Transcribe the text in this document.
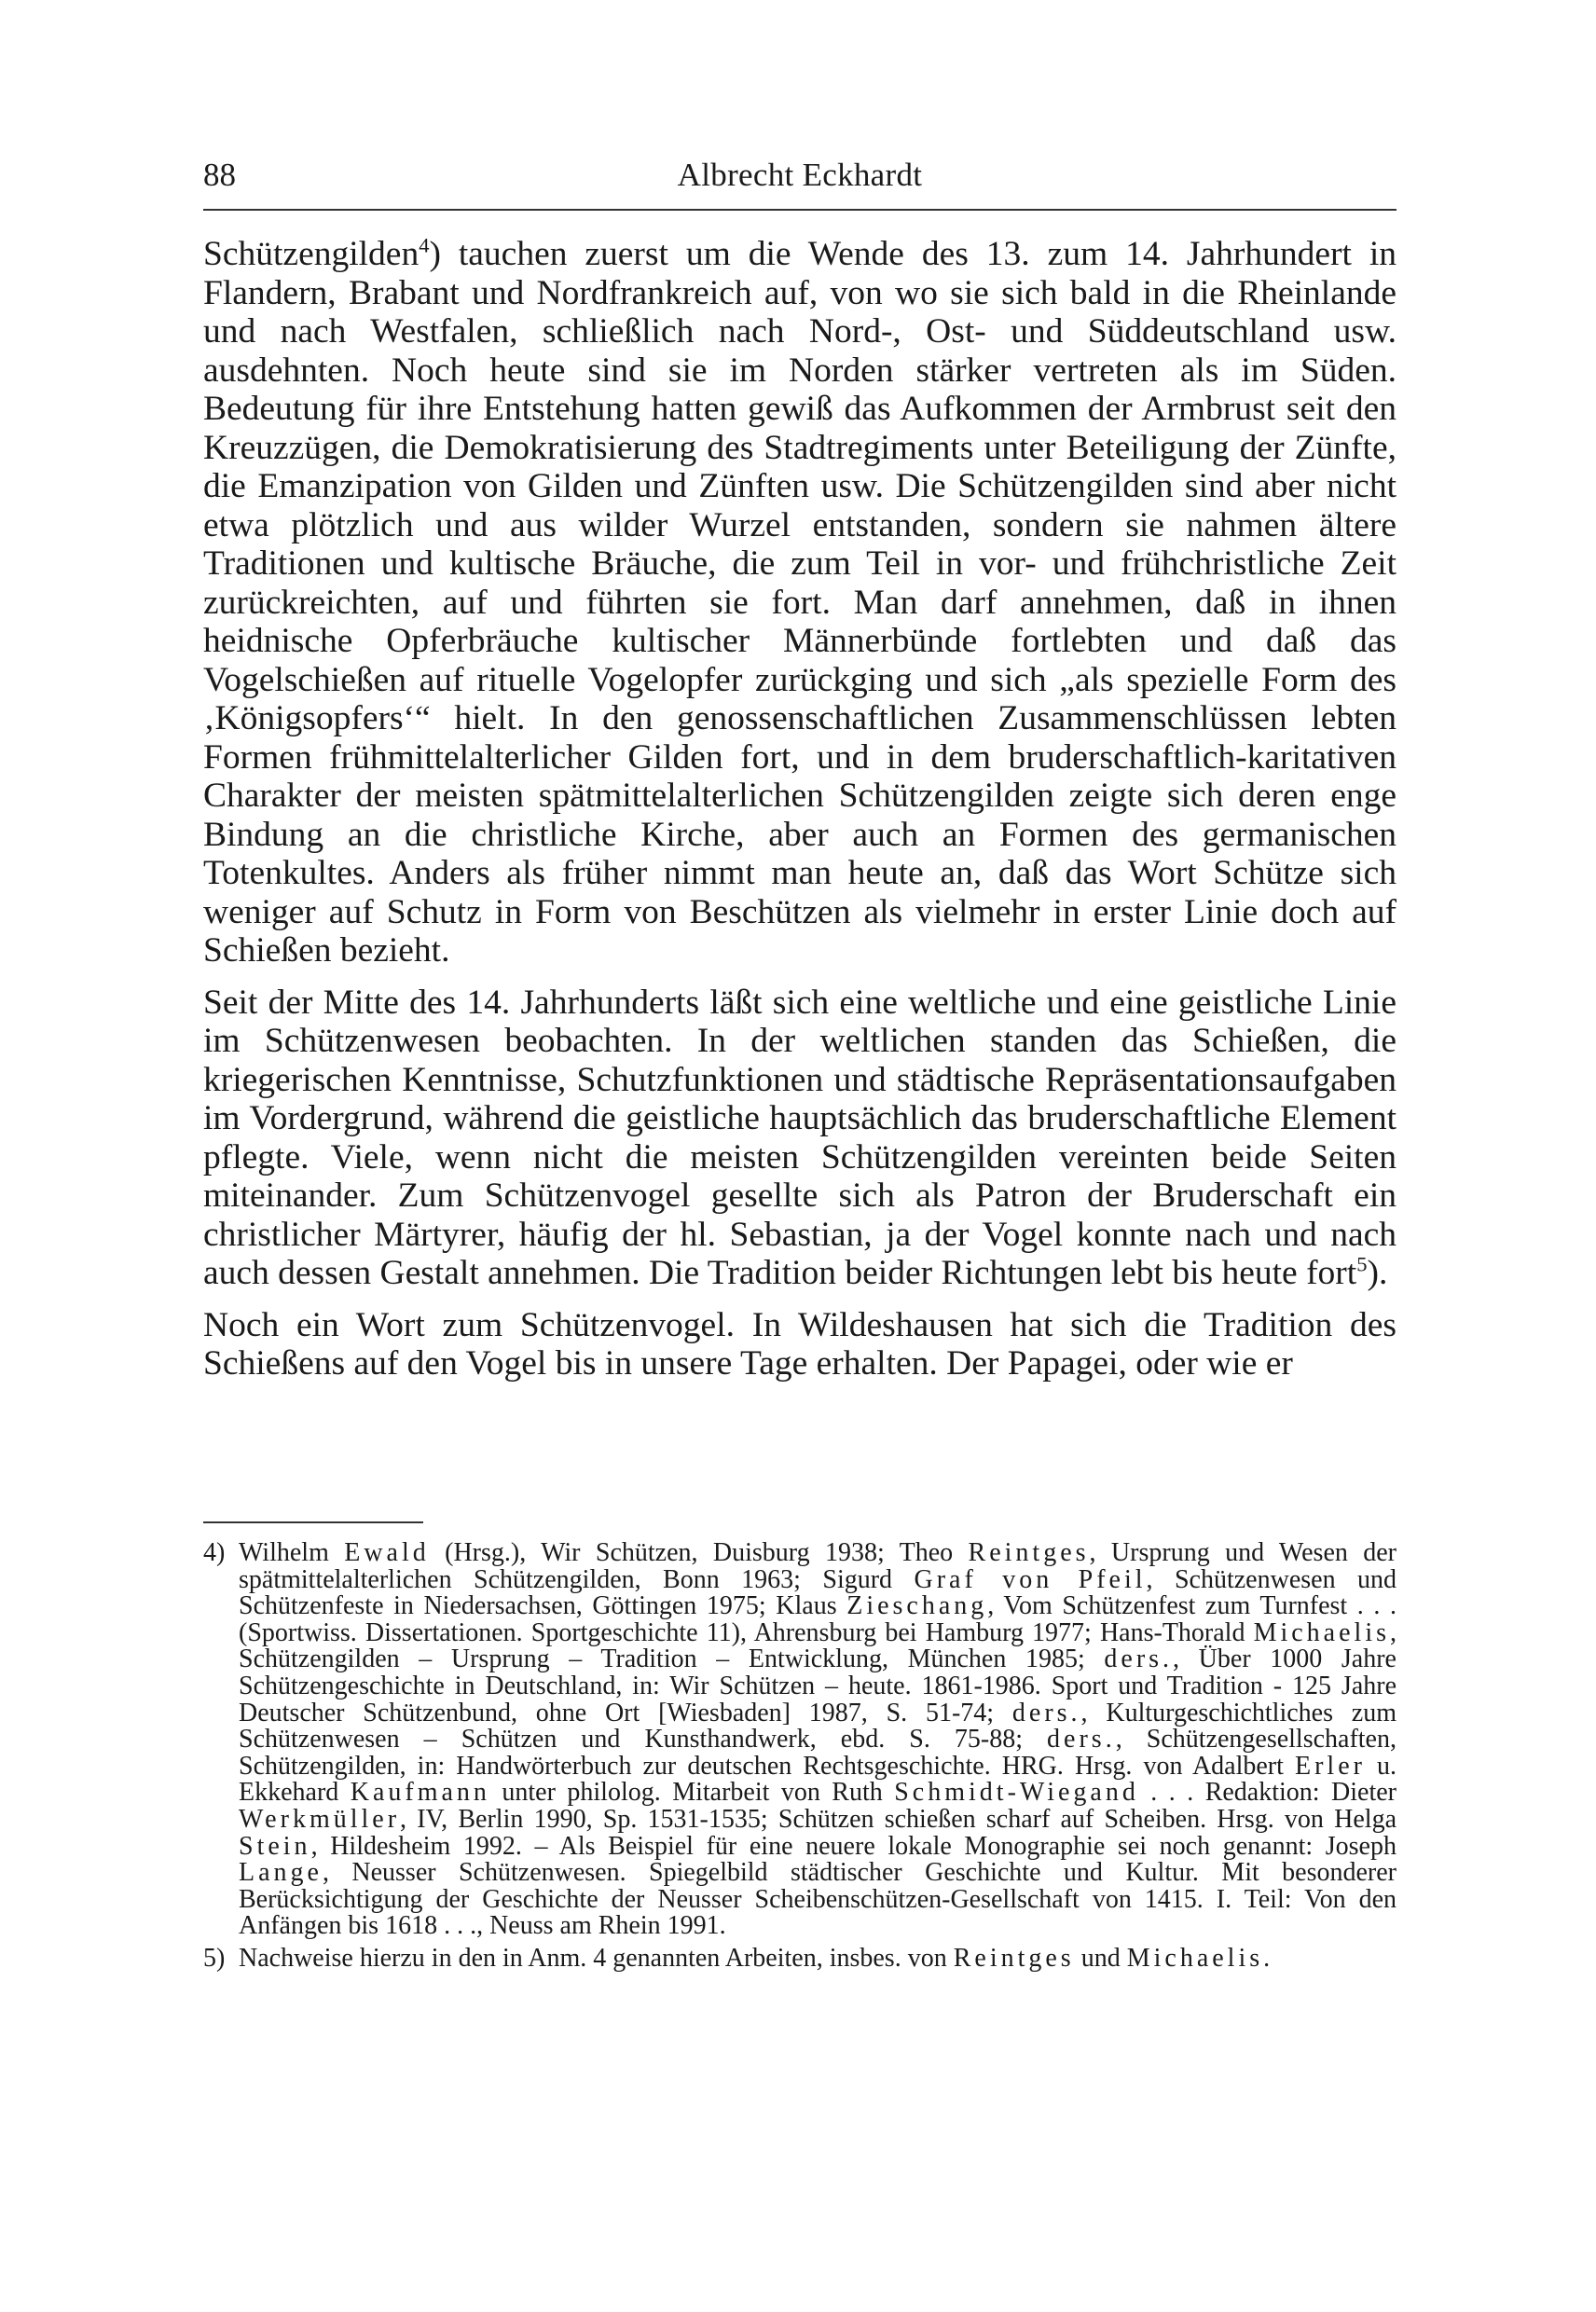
88	Albrecht Eckhardt

Schützengilden$^4$) tauchen zuerst um die Wende des 13. zum 14. Jahrhundert in Flandern, Brabant und Nordfrankreich auf, von wo sie sich bald in die Rheinlande und nach Westfalen, schließlich nach Nord-, Ost- und Süddeutschland usw. ausdehnten. Noch heute sind sie im Norden stärker vertreten als im Süden. Bedeutung für ihre Entstehung hatten gewiß das Aufkommen der Armbrust seit den Kreuzzügen, die Demokratisierung des Stadtregiments unter Beteiligung der Zünfte, die Emanzipation von Gilden und Zünften usw. Die Schützengilden sind aber nicht etwa plötzlich und aus wilder Wurzel entstanden, sondern sie nahmen ältere Traditionen und kultische Bräuche, die zum Teil in vor- und frühchristliche Zeit zurückreichten, auf und führten sie fort. Man darf annehmen, daß in ihnen heidnische Opferbräuche kultischer Männerbünde fortlebten und daß das Vogelschießen auf rituelle Vogelopfer zurückging und sich „als spezielle Form des ‚Königsopfers‘“ hielt. In den genossenschaftlichen Zusammenschlüssen lebten Formen frühmittelalterlicher Gilden fort, und in dem bruderschaftlich-karitativen Charakter der meisten spätmittelalterlichen Schützengilden zeigte sich deren enge Bindung an die christliche Kirche, aber auch an Formen des germanischen Totenkultes. Anders als früher nimmt man heute an, daß das Wort Schütze sich weniger auf Schutz in Form von Beschützen als vielmehr in erster Linie doch auf Schießen bezieht.

Seit der Mitte des 14. Jahrhunderts läßt sich eine weltliche und eine geistliche Linie im Schützenwesen beobachten. In der weltlichen standen das Schießen, die kriegerischen Kenntnisse, Schutzfunktionen und städtische Repräsentationsaufgaben im Vordergrund, während die geistliche hauptsächlich das bruderschaftliche Element pflegte. Viele, wenn nicht die meisten Schützengilden vereinten beide Seiten miteinander. Zum Schützenvogel gesellte sich als Patron der Bruderschaft ein christlicher Märtyrer, häufig der hl. Sebastian, ja der Vogel konnte nach und nach auch dessen Gestalt annehmen. Die Tradition beider Richtungen lebt bis heute fort$^5$).

Noch ein Wort zum Schützenvogel. In Wildeshausen hat sich die Tradition des Schießens auf den Vogel bis in unsere Tage erhalten. Der Papagei, oder wie er

4) Wilhelm Ewald (Hrsg.), Wir Schützen, Duisburg 1938; Theo Reintges, Ursprung und Wesen der spätmittelalterlichen Schützengilden, Bonn 1963; Sigurd Graf von Pfeil, Schützenwesen und Schützenfeste in Niedersachsen, Göttingen 1975; Klaus Zieschang, Vom Schützenfest zum Turnfest . . . (Sportwiss. Dissertationen. Sportgeschichte 11), Ahrensburg bei Hamburg 1977; Hans-Thorald Michaelis, Schützengilden – Ursprung – Tradition – Entwicklung, München 1985; ders., Über 1000 Jahre Schützengeschichte in Deutschland, in: Wir Schützen – heute. 1861-1986. Sport und Tradition - 125 Jahre Deutscher Schützenbund, ohne Ort [Wiesbaden] 1987, S. 51-74; ders., Kulturgeschichtliches zum Schützenwesen – Schützen und Kunsthandwerk, ebd. S. 75-88; ders., Schützengesellschaften, Schützengilden, in: Handwörterbuch zur deutschen Rechtsgeschichte. HRG. Hrsg. von Adalbert Erler u. Ekkehard Kaufmann unter philolog. Mitarbeit von Ruth Schmidt-Wiegand . . . Redaktion: Dieter Werkmüller, IV, Berlin 1990, Sp. 1531-1535; Schützen schießen scharf auf Scheiben. Hrsg. von Helga Stein, Hildesheim 1992. – Als Beispiel für eine neuere lokale Monographie sei noch genannt: Joseph Lange, Neusser Schützenwesen. Spiegelbild städtischer Geschichte und Kultur. Mit besonderer Berücksichtigung der Geschichte der Neusser Scheibenschützen-Gesellschaft von 1415. I. Teil: Von den Anfängen bis 1618 . . ., Neuss am Rhein 1991.
5) Nachweise hierzu in den in Anm. 4 genannten Arbeiten, insbes. von Reintges und Michaelis.
